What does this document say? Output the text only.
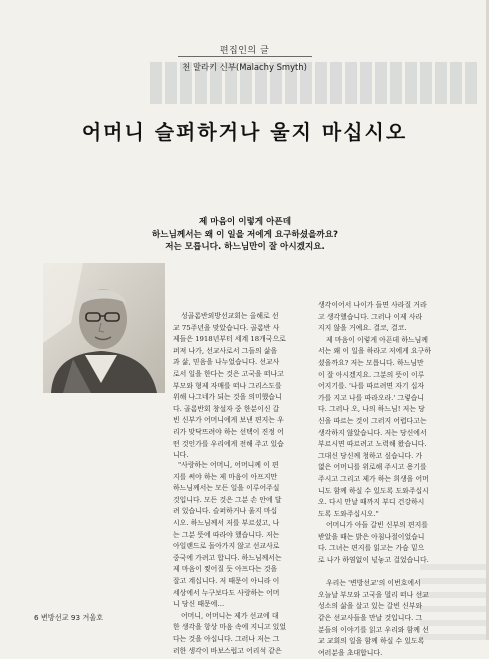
편집인의 글
천 말라키 신부(Malachy Smyth)
어머니 슬퍼하거나 울지 마십시오
제 마음이 이렇게 아픈데
하느님께서는 왜 이 일을 저에게 요구하셨을까요?
저는 모릅니다. 하느님만이 잘 아시겠지요.
성골롬반외방선교회는 올해로 선
교 75주년을 맞았습니다. 골롬반 사
제들은 1918년부터 세계 18개국으로
퍼져 나가, 선교사로서 그들의 삶을
과 삶, 믿음을 나누었습니다. 선교사
로서 일을 한다는 것은 고국을 떠나고
부모와 형제 자매를 떠나 그리스도를
위해 나그네가 되는 것을 의미했습니
다. 골롬반회 창설자 중 한분이신 갈
빈 신부가 어머니에게 보낸 편지는 우
리가 맞닥뜨려야 하는 선택이 진정 어
떤 것인가를 우리에게 전해 주고 있습
니다.
"사랑하는 어머니, 어머니께 이 편
지를 써야 하는 제 마음이 아프지만
하느님께서는 모든 일을 이루어주실
것입니다. 모든 것은 그분 손 안에 달
려 있습니다. 슬퍼하거나 울지 마십
시오. 하느님께서 저를 부르셨고, 나
는 그분 뜻에 따라야 했습니다. 저는
아일랜드로 돌아가지 않고 선교사로
중국에 가려고 합니다. 하느님께서는
제 마음이 찢어질 듯 아프다는 것을
잘고 계십니다. 저 때문이 아니라 이
세상에서 누구보다도 사랑하는 어머
니 당신 때문에…
어머니, 어머니는 제가 선교에 대
한 생각을 항상 마음 속에 지니고 있었
다는 것을 아십니다. 그러나 저는 그
러한 생각이 바보스럽고 어리석 같은
생각이어서 나이가 들면 사라질 거라
고 생각했습니다. 그러나 이제 사라
지지 않을 거예요. 결코, 결코.
제 마음이 이렇게 아픈데 하느님께
서는 왜 이 일을 하라고 저에게 요구하
셨을까요? 저는 모릅니다. 하느님만
이 잘 아시겠지요. 그분의 뜻이 이루
어지기를. '나를 따르려면 자기 십자
가를 지고 나를 따라오라.' 그렇습니
다. 그러나 오, 나의 하느님! 저는 당
신을 따르는 것이 그러지 어렵다고는
생각하지 않았습니다. 저는 당신에서
부르시면 따르려고 노력해 왔습니다.
그대신 당신께 청하고 싶습니다. 가
엾은 어머니를 위로해 주시고 용기를
주시고 그리고 제가 하는 희생을 어머
니도 함께 하실 수 있도록 도와주십시
오. 다시 만날 때까지 부디 건강하시
도록 도와주십시오."
어머니가 아들 갈빈 신부의 편지를
받았을 때는 밝은 아침나절이었습니
다. 그녀는 편지를 읽고는 가슴 밑으
로 나가 하염없이 넋놓고 걸었습니다.
우리는 '변방선교'의 이번호에서
오늘날 부모와 고국을 멀리 떠나 선교
성소의 삶을 살고 있는 갈빈 신부와
같은 선교사들을 만날 것입니다. 그
분들의 이야기를 읽고 우리와 함께 선
교 교회의 일을 함께 하실 수 있도록
여러분을 초대합니다.
6 변방선교 93 겨울호
